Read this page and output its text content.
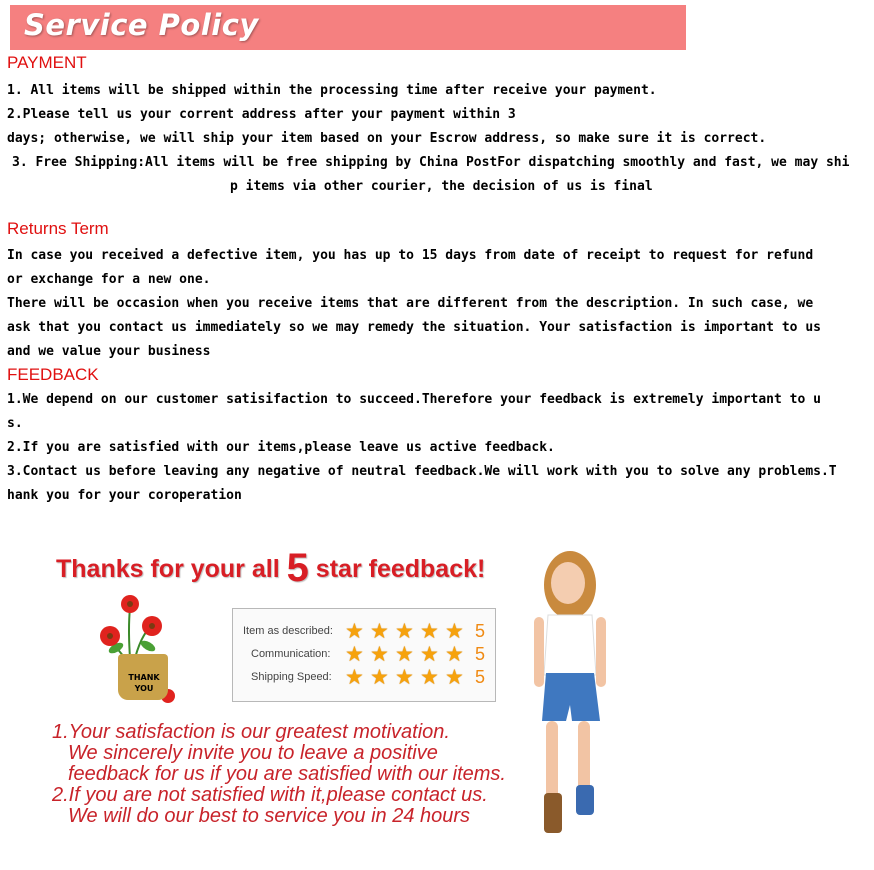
Service Policy
PAYMENT
1. All items will be shipped within the processing time after receive your payment.
2.Please tell us your corrent address after your payment within 3
days; otherwise, we will ship your item based on your Escrow address, so make sure it is correct.
3. Free Shipping:All items will be free shipping by China PostFor dispatching smoothly and fast, we may shi
p items via other courier, the decision of us is final
Returns Term
In case you received a defective item, you has up to 15 days from date of receipt to request for refund
or exchange for a new one.
There will be occasion when you receive items that are different from the description. In such case, we
ask that you contact us immediately so we may remedy the situation. Your satisfaction is important to us
and we value your business
FEEDBACK
1.We depend on our customer satisifaction to succeed.Therefore your feedback is extremely important to u
s.
2.If you are satisfied with our items,please leave us active feedback.
3.Contact us before leaving any negative of neutral feedback.We will work with you to solve any problems.T
hank you for your coroperation
Thanks for your all 5 star feedback!
THANK YOU
Item as described: ★ ★ ★ ★ ★ 5
Communication: ★ ★ ★ ★ ★ 5
Shipping Speed: ★ ★ ★ ★ ★ 5
1.Your satisfaction is our greatest motivation.
We sincerely invite you to leave a positive
feedback for us if you are satisfied with our items.
2.If you are not satisfied with it,please contact us.
We will do our best to service you in 24 hours
